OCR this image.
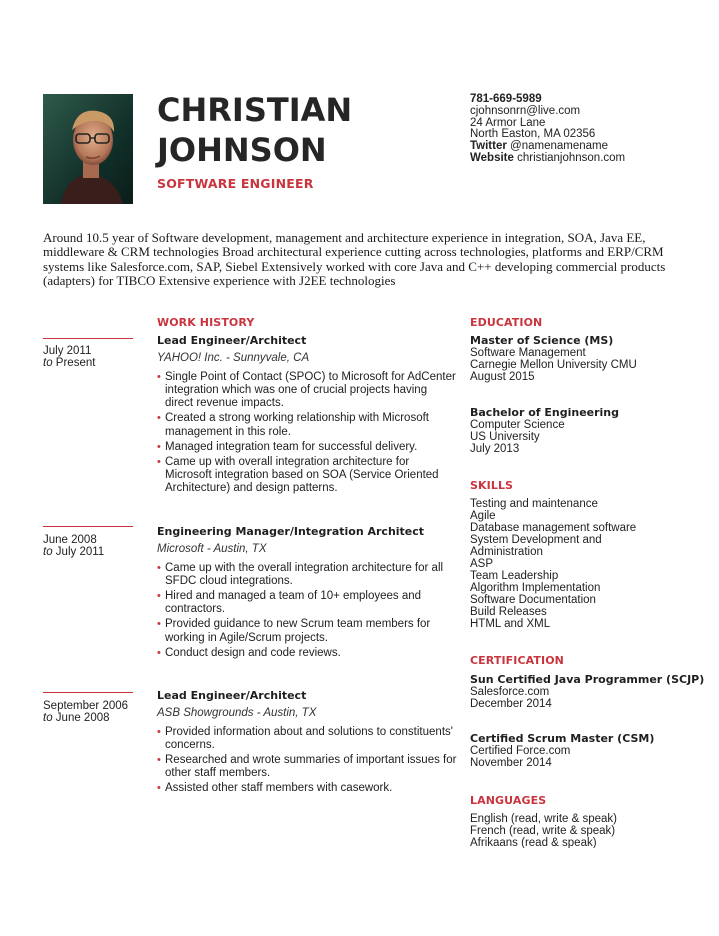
CHRISTIAN
JOHNSON
SOFTWARE ENGINEER
781-669-5989
cjohnsonrn@live.com
24 Armor Lane
North Easton, MA 02356
Twitter @namenamename
Website christianjohnson.com
Around 10.5 year of Software development, management and architecture experience in integration, SOA, Java EE, middleware & CRM technologies Broad architectural experience cutting across technologies, platforms and ERP/CRM systems like Salesforce.com, SAP, Siebel Extensively worked with core Java and C++ developing commercial products (adapters) for TIBCO Extensive experience with J2EE technologies
WORK HISTORY
July 2011
to Present
Lead Engineer/Architect
YAHOO! Inc. - Sunnyvale, CA
• Single Point of Contact (SPOC) to Microsoft for AdCenter integration which was one of crucial projects having direct revenue impacts.
• Created a strong working relationship with Microsoft management in this role.
• Managed integration team for successful delivery.
• Came up with overall integration architecture for Microsoft integration based on SOA (Service Oriented Architecture) and design patterns.
June 2008
to July 2011
Engineering Manager/Integration Architect
Microsoft - Austin, TX
• Came up with the overall integration architecture for all SFDC cloud integrations.
• Hired and managed a team of 10+ employees and contractors.
• Provided guidance to new Scrum team members for working in Agile/Scrum projects.
• Conduct design and code reviews.
September 2006
to June 2008
Lead Engineer/Architect
ASB Showgrounds - Austin, TX
• Provided information about and solutions to constituents' concerns.
• Researched and wrote summaries of important issues for other staff members.
• Assisted other staff members with casework.
EDUCATION
Master of Science (MS)
Software Management
Carnegie Mellon University CMU
August 2015
Bachelor of Engineering
Computer Science
US University
July 2013
SKILLS
Testing and maintenance
Agile
Database management software
System Development and
Administration
ASP
Team Leadership
Algorithm Implementation
Software Documentation
Build Releases
HTML and XML
CERTIFICATION
Sun Certified Java Programmer (SCJP)
Salesforce.com
December 2014
Certified Scrum Master (CSM)
Certified Force.com
November 2014
LANGUAGES
English (read, write & speak)
French (read, write & speak)
Afrikaans (read & speak)
